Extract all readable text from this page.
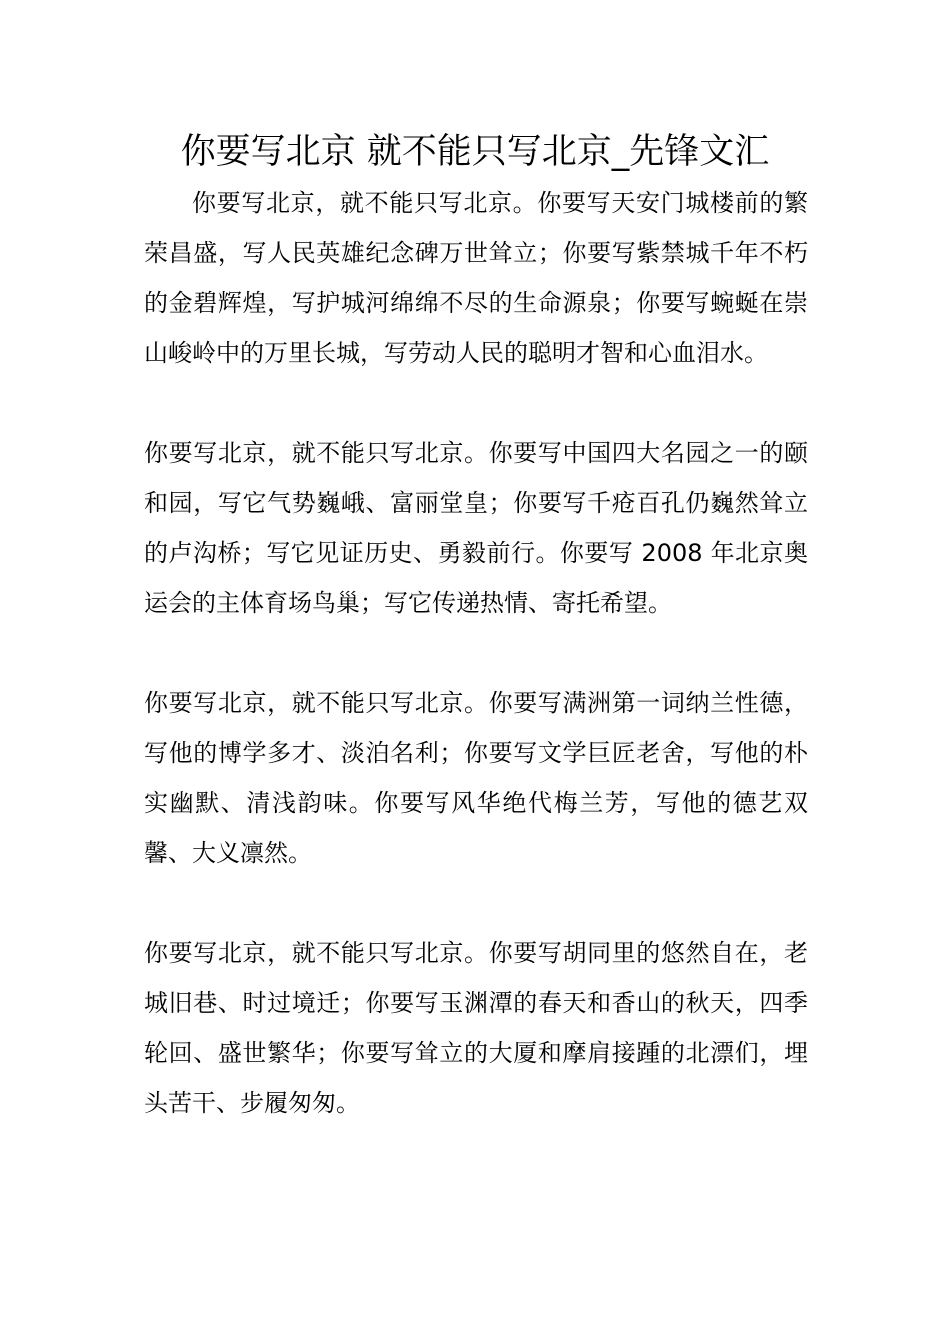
你要写北京 就不能只写北京_先锋文汇

你要写北京，就不能只写北京。你要写天安门城楼前的繁荣昌盛，写人民英雄纪念碑万世耸立；你要写紫禁城千年不朽的金碧辉煌，写护城河绵绵不尽的生命源泉；你要写蜿蜒在崇山峻岭中的万里长城，写劳动人民的聪明才智和心血泪水。

你要写北京，就不能只写北京。你要写中国四大名园之一的颐和园，写它气势巍峨、富丽堂皇；你要写千疮百孔仍巍然耸立的卢沟桥；写它见证历史、勇毅前行。你要写 2008 年北京奥运会的主体育场鸟巢；写它传递热情、寄托希望。

你要写北京，就不能只写北京。你要写满洲第一词纳兰性德，写他的博学多才、淡泊名利；你要写文学巨匠老舍，写他的朴实幽默、清浅韵味。你要写风华绝代梅兰芳，写他的德艺双馨、大义凛然。

你要写北京，就不能只写北京。你要写胡同里的悠然自在，老城旧巷、时过境迁；你要写玉渊潭的春天和香山的秋天，四季轮回、盛世繁华；你要写耸立的大厦和摩肩接踵的北漂们，埋头苦干、步履匆匆。
